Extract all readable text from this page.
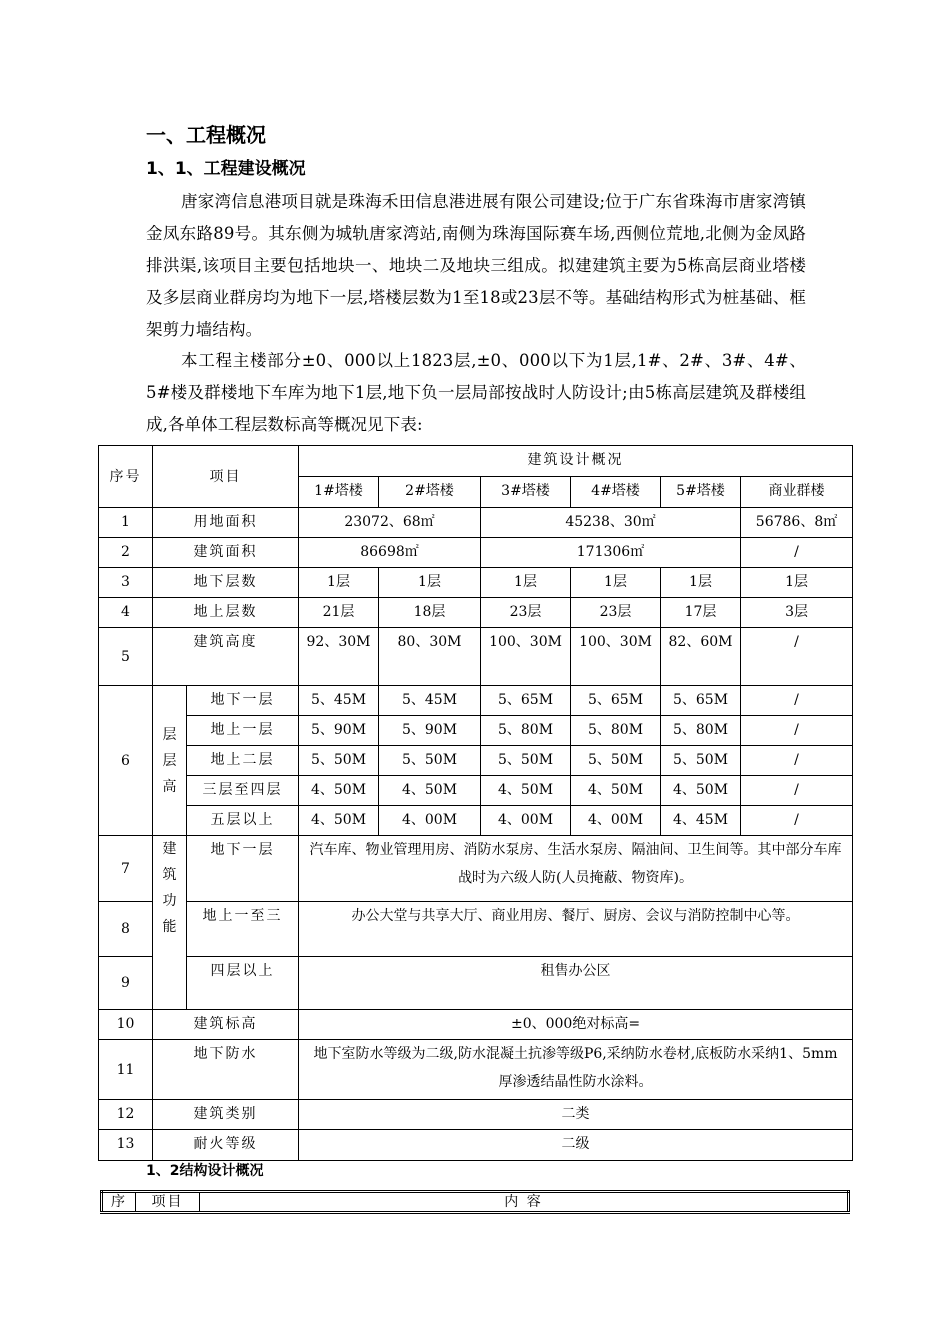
一、工程概况
1、1、工程建设概况

唐家湾信息港项目就是珠海禾田信息港进展有限公司建设;位于广东省珠海市唐家湾镇金凤东路89号。其东侧为城轨唐家湾站,南侧为珠海国际赛车场,西侧位荒地,北侧为金凤路排洪渠,该项目主要包括地块一、地块二及地块三组成。拟建建筑主要为5栋高层商业塔楼及多层商业群房均为地下一层,塔楼层数为1至18或23层不等。基础结构形式为桩基础、框架剪力墙结构。

本工程主楼部分±0、000以上1823层,±0、000以下为1层,1#、2#、3#、4#、5#楼及群楼地下车库为地下1层,地下负一层局部按战时人防设计;由5栋高层建筑及群楼组成,各单体工程层数标高等概况见下表:

序号	项目		建筑设计概况					
			1#塔楼	2#塔楼	3#塔楼	4#塔楼	5#塔楼	商业群楼
1	用地面积		23072、68㎡		45238、30㎡			56786、8㎡
2	建筑面积		86698㎡		171306㎡			/
3	地下层数		1层	1层	1层	1层	1层	1层
4	地上层数		21层	18层	23层	23层	17层	3层
5	建筑高度		92、30M	80、30M	100、30M	100、30M	82、60M	/
6	层层高	地下一层	5、45M	5、45M	5、65M	5、65M	5、65M	/
		地上一层	5、90M	5、90M	5、80M	5、80M	5、80M	/
		地上二层	5、50M	5、50M	5、50M	5、50M	5、50M	/
		三层至四层	4、50M	4、50M	4、50M	4、50M	4、50M	/
		五层以上	4、50M	4、00M	4、00M	4、00M	4、45M	/
7	建筑功能	地下一层	汽车库、物业管理用房、消防水泵房、生活水泵房、隔油间、卫生间等。其中部分车库战时为六级人防(人员掩蔽、物资库)。					
8		地上一至三	办公大堂与共享大厅、商业用房、餐厅、厨房、会议与消防控制中心等。					
9		四层以上	租售办公区					
10	建筑标高		±0、000绝对标高=					
11	地下防水		地下室防水等级为二级,防水混凝土抗渗等级P6,采纳防水卷材,底板防水采纳1、5mm厚渗透结晶性防水涂料。					
12	建筑类别		二类					
13	耐火等级		二级					
1、2结构设计概况
序	项目	内 容
